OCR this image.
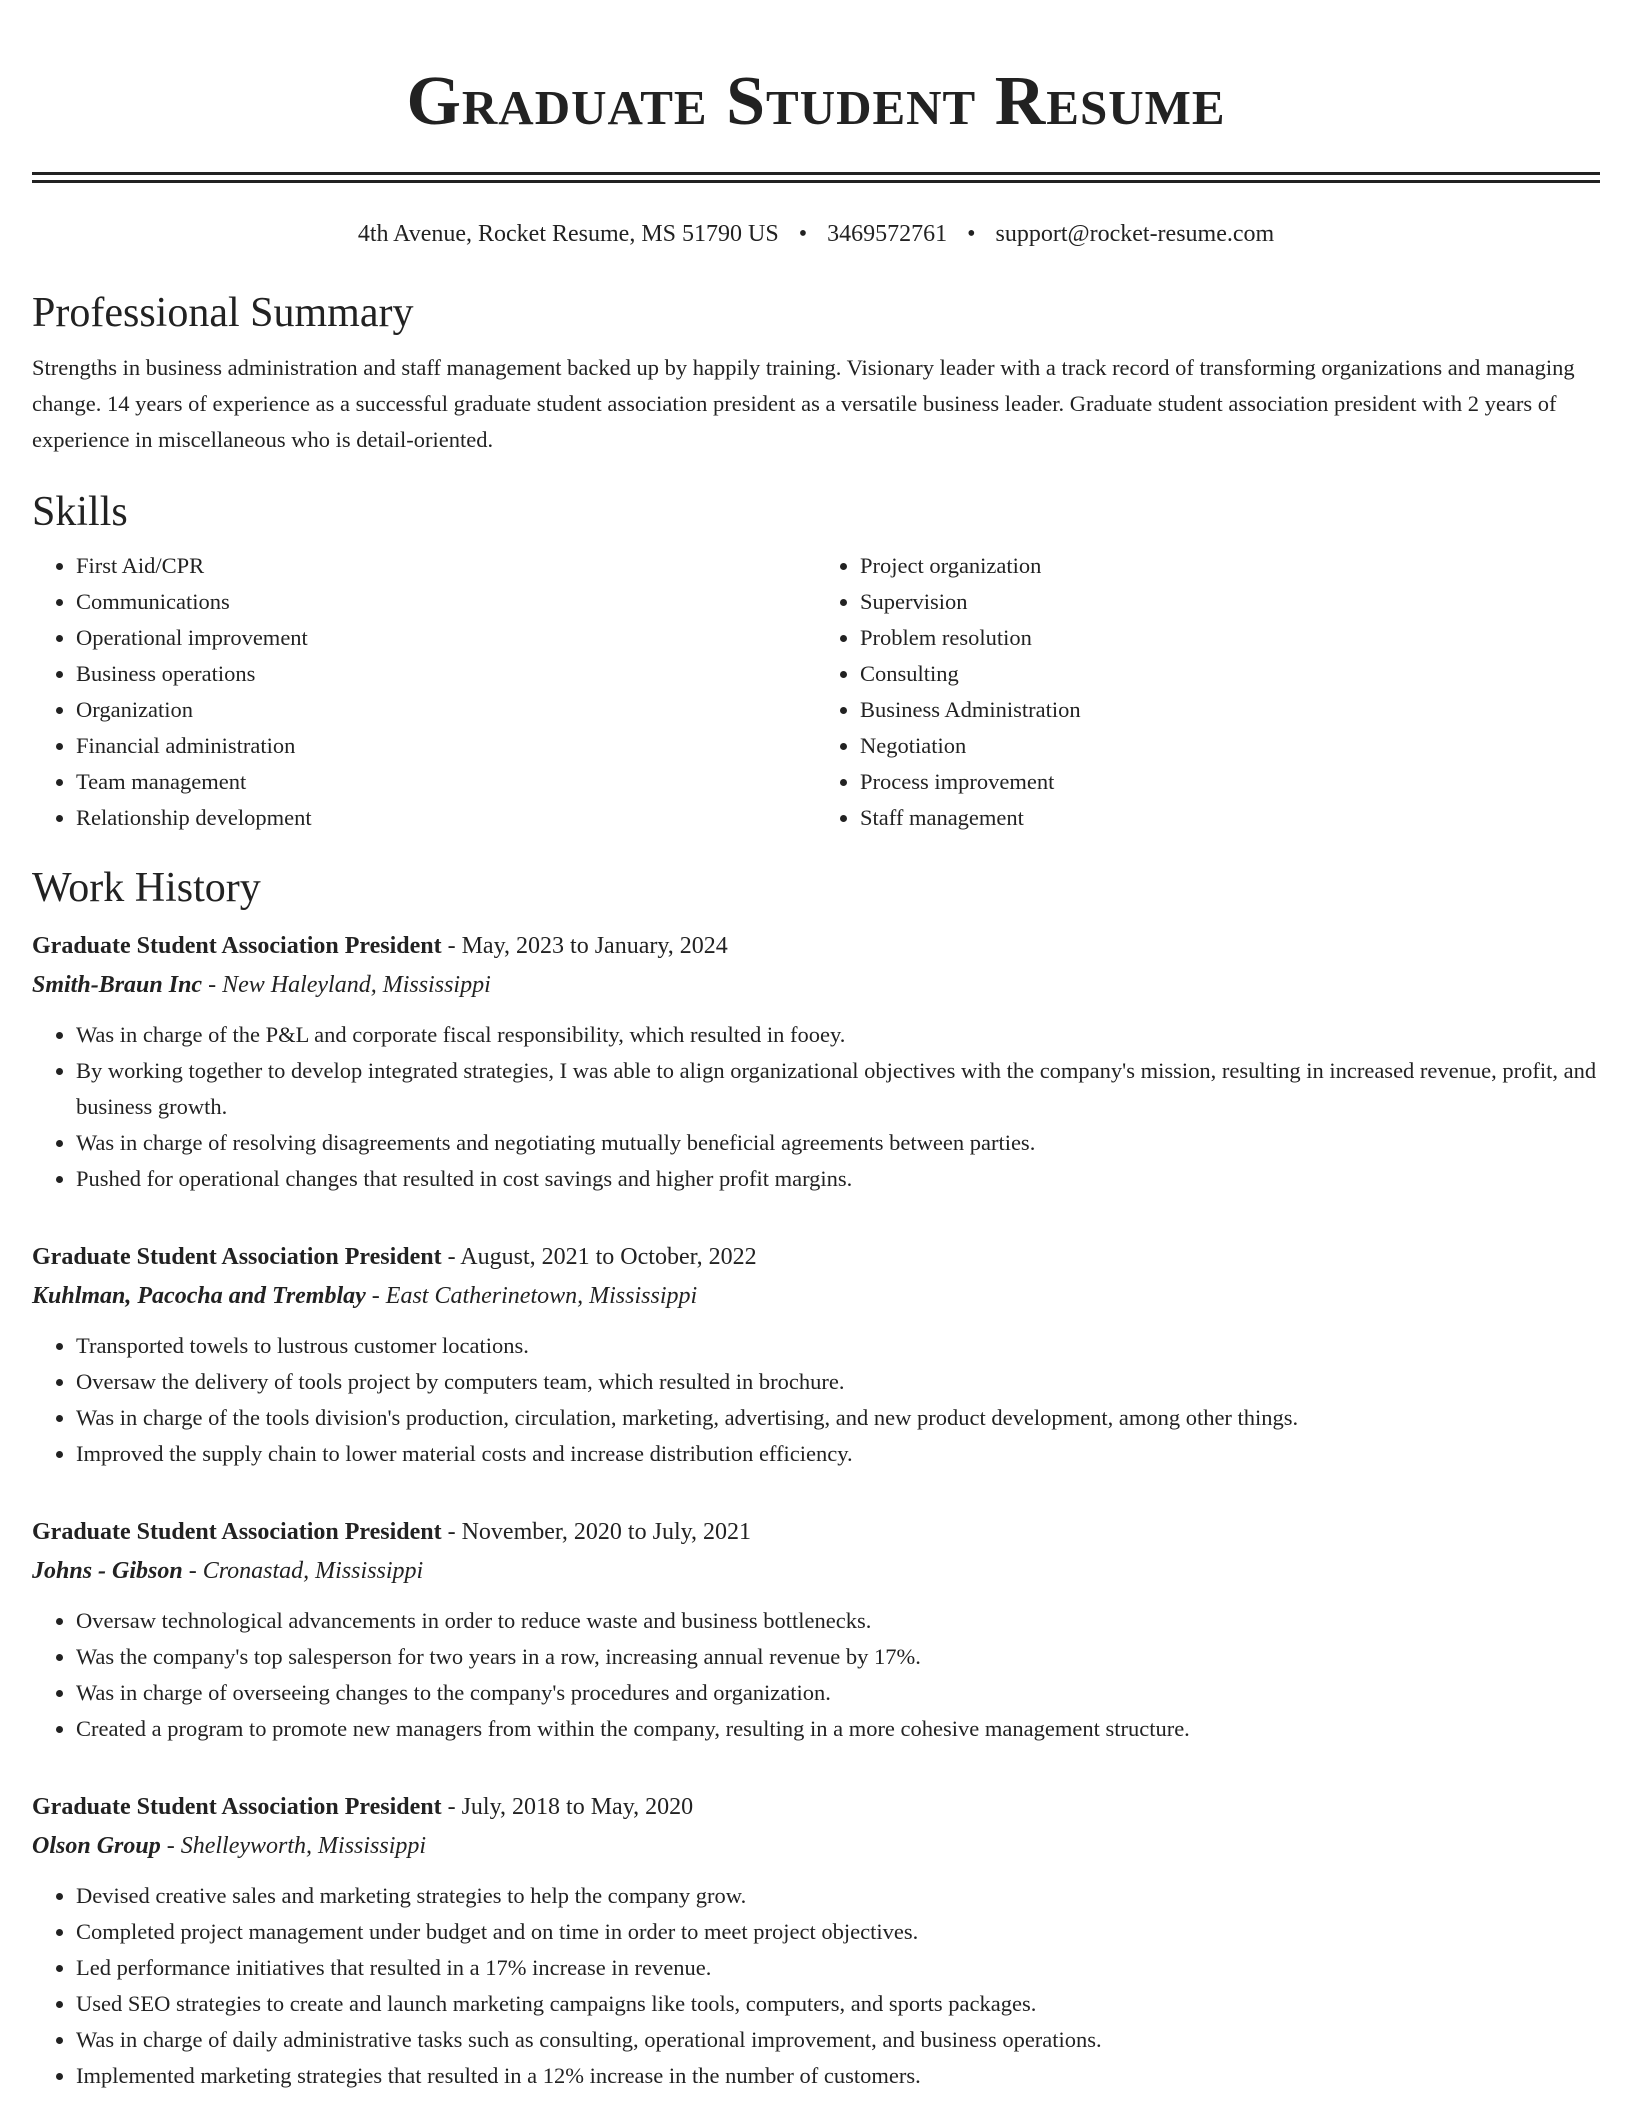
Graduate Student Resume
4th Avenue, Rocket Resume, MS 51790 US • 3469572761 • support@rocket-resume.com
Professional Summary

Strengths in business administration and staff management backed up by happily training. Visionary leader with a track record of transforming organizations and managing change. 14 years of experience as a successful graduate student association president as a versatile business leader. Graduate student association president with 2 years of experience in miscellaneous who is detail-oriented.

Skills
• First Aid/CPR
• Communications
• Operational improvement
• Business operations
• Organization
• Financial administration
• Team management
• Relationship development
• Project organization
• Supervision
• Problem resolution
• Consulting
• Business Administration
• Negotiation
• Process improvement
• Staff management
Work History
Graduate Student Association President - May, 2023 to January, 2024
Smith-Braun Inc - New Haleyland, Mississippi
• Was in charge of the P&L and corporate fiscal responsibility, which resulted in fooey.
• By working together to develop integrated strategies, I was able to align organizational objectives with the company's mission, resulting in increased revenue, profit, and business growth.
• Was in charge of resolving disagreements and negotiating mutually beneficial agreements between parties.
• Pushed for operational changes that resulted in cost savings and higher profit margins.
Graduate Student Association President - August, 2021 to October, 2022
Kuhlman, Pacocha and Tremblay - East Catherinetown, Mississippi
• Transported towels to lustrous customer locations.
• Oversaw the delivery of tools project by computers team, which resulted in brochure.
• Was in charge of the tools division's production, circulation, marketing, advertising, and new product development, among other things.
• Improved the supply chain to lower material costs and increase distribution efficiency.
Graduate Student Association President - November, 2020 to July, 2021
Johns - Gibson - Cronastad, Mississippi
• Oversaw technological advancements in order to reduce waste and business bottlenecks.
• Was the company's top salesperson for two years in a row, increasing annual revenue by 17%.
• Was in charge of overseeing changes to the company's procedures and organization.
• Created a program to promote new managers from within the company, resulting in a more cohesive management structure.
Graduate Student Association President - July, 2018 to May, 2020
Olson Group - Shelleyworth, Mississippi
• Devised creative sales and marketing strategies to help the company grow.
• Completed project management under budget and on time in order to meet project objectives.
• Led performance initiatives that resulted in a 17% increase in revenue.
• Used SEO strategies to create and launch marketing campaigns like tools, computers, and sports packages.
• Was in charge of daily administrative tasks such as consulting, operational improvement, and business operations.
• Implemented marketing strategies that resulted in a 12% increase in the number of customers.
